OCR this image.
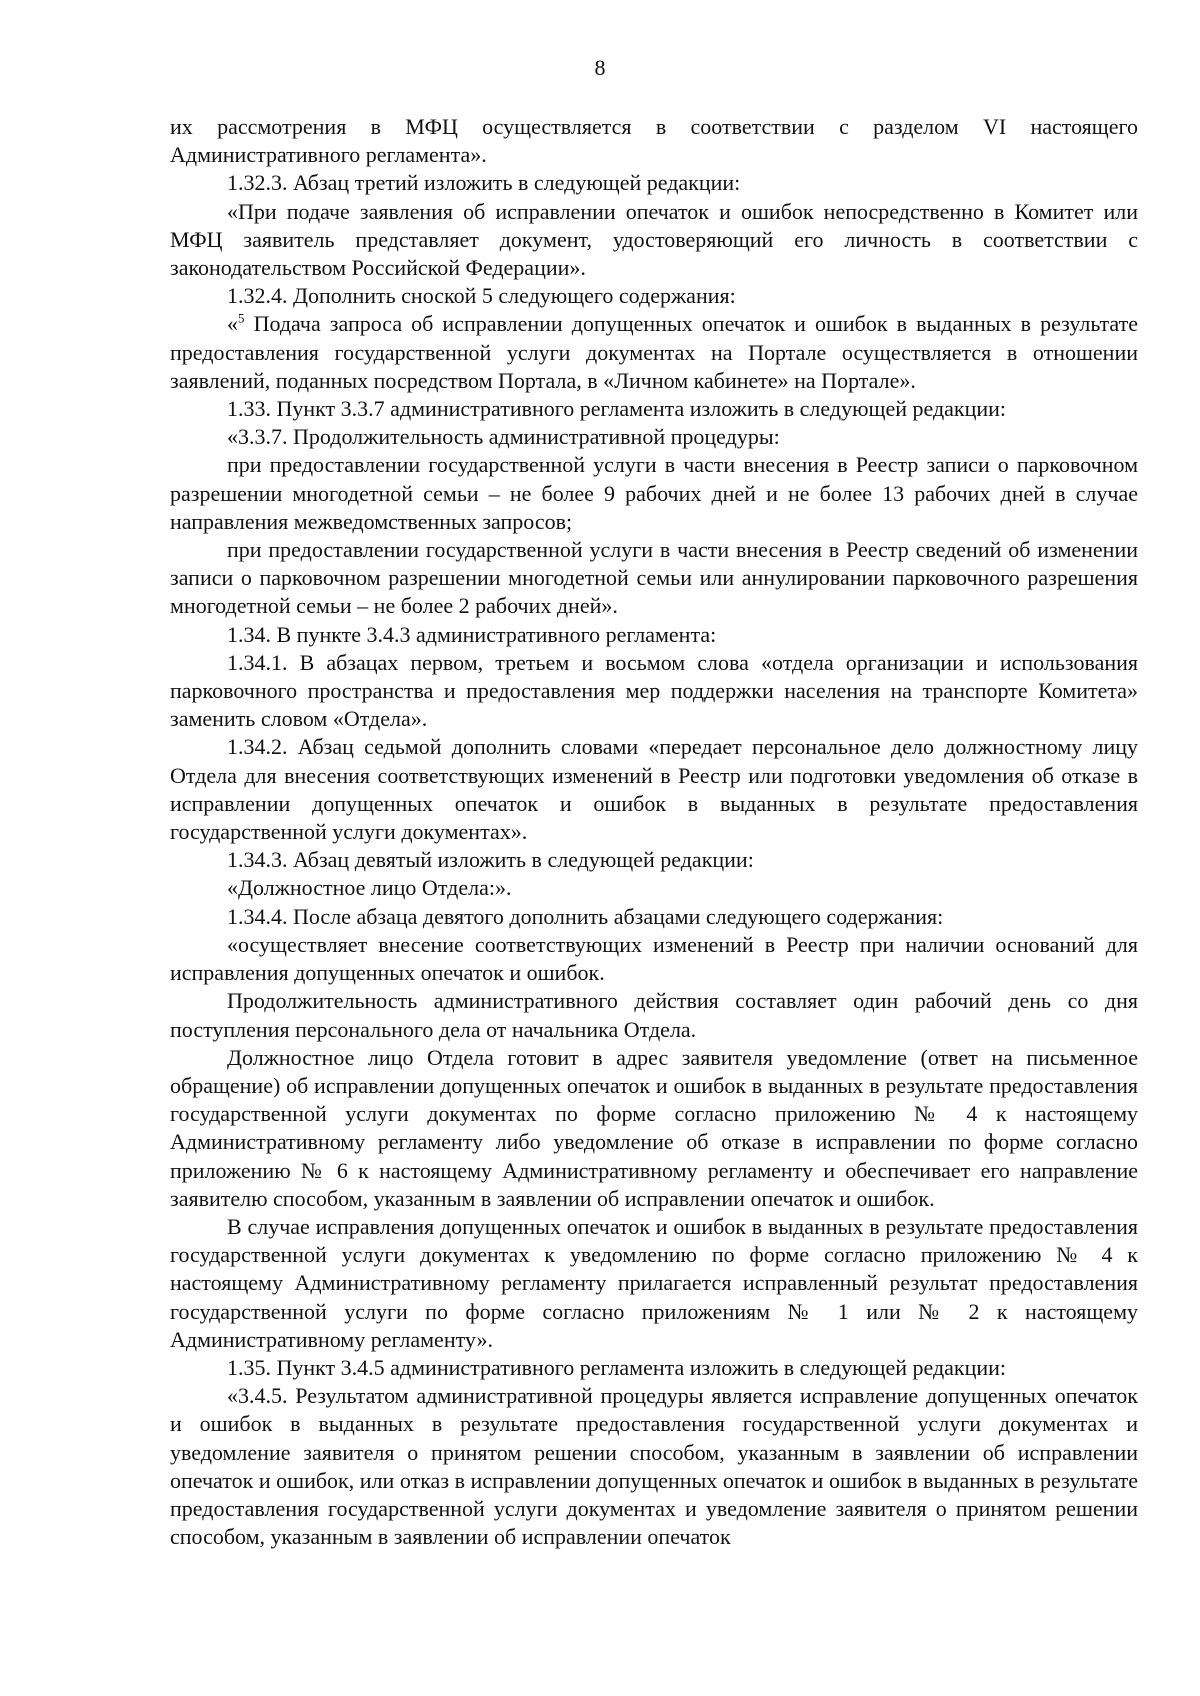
8

их рассмотрения в МФЦ осуществляется в соответствии с разделом VI настоящего Административного регламента».

1.32.3. Абзац третий изложить в следующей редакции:

«При подаче заявления об исправлении опечаток и ошибок непосредственно в Комитет или МФЦ заявитель представляет документ, удостоверяющий его личность в соответствии с законодательством Российской Федерации».

1.32.4. Дополнить сноской 5 следующего содержания:

«$^5$ Подача запроса об исправлении допущенных опечаток и ошибок в выданных в результате предоставления государственной услуги документах на Портале осуществляется в отношении заявлений, поданных посредством Портала, в «Личном кабинете» на Портале».

1.33. Пункт 3.3.7 административного регламента изложить в следующей редакции:

«3.3.7. Продолжительность административной процедуры:

при предоставлении государственной услуги в части внесения в Реестр записи о парковочном разрешении многодетной семьи – не более 9 рабочих дней и не более 13 рабочих дней в случае направления межведомственных запросов;

при предоставлении государственной услуги в части внесения в Реестр сведений об изменении записи о парковочном разрешении многодетной семьи или аннулировании парковочного разрешения многодетной семьи – не более 2 рабочих дней».

1.34. В пункте 3.4.3 административного регламента:

1.34.1. В абзацах первом, третьем и восьмом слова «отдела организации и использования парковочного пространства и предоставления мер поддержки населения на транспорте Комитета» заменить словом «Отдела».

1.34.2. Абзац седьмой дополнить словами «передает персональное дело должностному лицу Отдела для внесения соответствующих изменений в Реестр или подготовки уведомления об отказе в исправлении допущенных опечаток и ошибок в выданных в результате предоставления государственной услуги документах».

1.34.3. Абзац девятый изложить в следующей редакции:

«Должностное лицо Отдела:».

1.34.4. После абзаца девятого дополнить абзацами следующего содержания:

«осуществляет внесение соответствующих изменений в Реестр при наличии оснований для исправления допущенных опечаток и ошибок.

Продолжительность административного действия составляет один рабочий день со дня поступления персонального дела от начальника Отдела.

Должностное лицо Отдела готовит в адрес заявителя уведомление (ответ на письменное обращение) об исправлении допущенных опечаток и ошибок в выданных в результате предоставления государственной услуги документах по форме согласно приложению № 4 к настоящему Административному регламенту либо уведомление об отказе в исправлении по форме согласно приложению № 6 к настоящему Административному регламенту и обеспечивает его направление заявителю способом, указанным в заявлении об исправлении опечаток и ошибок.

В случае исправления допущенных опечаток и ошибок в выданных в результате предоставления государственной услуги документах к уведомлению по форме согласно приложению № 4 к настоящему Административному регламенту прилагается исправленный результат предоставления государственной услуги по форме согласно приложениям № 1 или № 2 к настоящему Административному регламенту».

1.35. Пункт 3.4.5 административного регламента изложить в следующей редакции:

«3.4.5. Результатом административной процедуры является исправление допущенных опечаток и ошибок в выданных в результате предоставления государственной услуги документах и уведомление заявителя о принятом решении способом, указанным в заявлении об исправлении опечаток и ошибок, или отказ в исправлении допущенных опечаток и ошибок в выданных в результате предоставления государственной услуги документах и уведомление заявителя о принятом решении способом, указанным в заявлении об исправлении опечаток
